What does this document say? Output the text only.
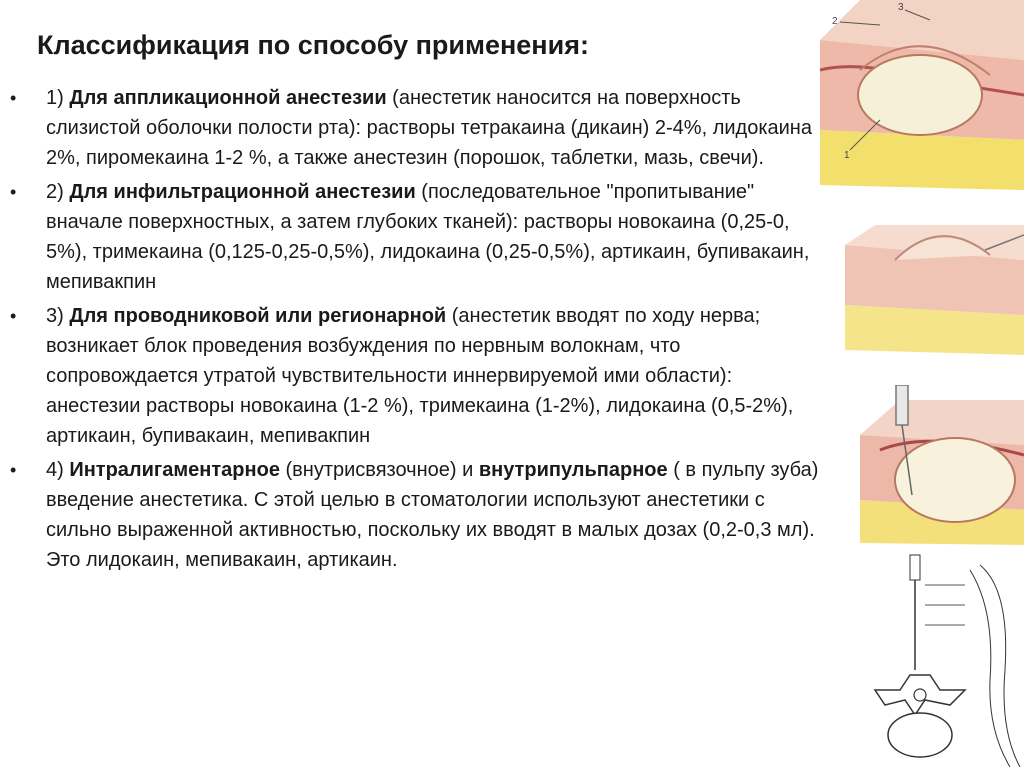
Классификация по способу применения:
• 1) Для аппликационной анестезии (анестетик наносится на поверхность слизистой оболочки полости рта): растворы тетракаина (дикаин) 2-4%, лидокаина 2%, пиромекаина 1-2 %, а также анестезин (порошок, таблетки, мазь, свечи).
• 2) Для инфильтрационной анестезии (последовательное "пропитывание" вначале поверхностных, а затем глубоких тканей): растворы новокаина (0,25-0, 5%), тримекаина (0,125-0,25-0,5%), лидокаина (0,25-0,5%), артикаин, бупивакаин, мепивакпин
• 3) Для проводниковой или регионарной (анестетик вводят по ходу нерва; возникает блок проведения возбуждения по нервным волокнам, что сопровождается утратой чувствительности иннервируемой ими области): анестезии растворы новокаина (1-2 %), тримекаина (1-2%), лидокаина (0,5-2%), артикаин, бупивакаин, мепивакпин
• 4) Интралигаментарное (внутрисвязочное) и внутрипульпарное ( в пульпу зуба) введение анестетика. С этой целью в стоматологии используют анестетики с сильно выраженной активностью, поскольку их вводят в малых дозах (0,2-0,3 мл). Это лидокаин, мепивакаин, артикаин.
2
3
1
